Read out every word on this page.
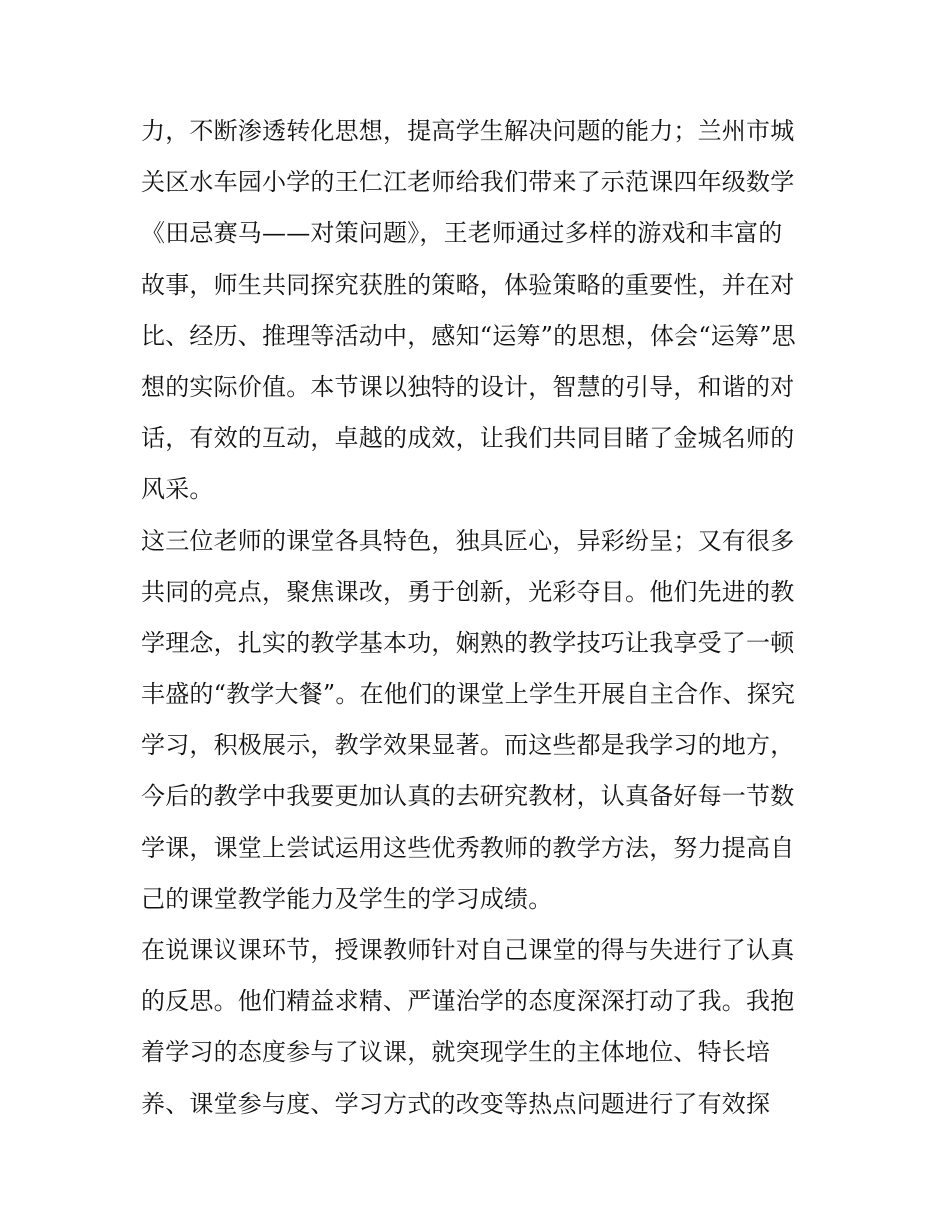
力，不断渗透转化思想，提高学生解决问题的能力；兰州市城
关区水车园小学的王仁江老师给我们带来了示范课四年级数学
《田忌赛马——对策问题》，王老师通过多样的游戏和丰富的
故事，师生共同探究获胜的策略，体验策略的重要性，并在对
比、经历、推理等活动中，感知“运筹”的思想，体会“运筹”思
想的实际价值。本节课以独特的设计，智慧的引导，和谐的对
话，有效的互动，卓越的成效，让我们共同目睹了金城名师的
风采。
这三位老师的课堂各具特色，独具匠心，异彩纷呈；又有很多
共同的亮点，聚焦课改，勇于创新，光彩夺目。他们先进的教
学理念，扎实的教学基本功，娴熟的教学技巧让我享受了一顿
丰盛的“教学大餐”。在他们的课堂上学生开展自主合作、探究
学习，积极展示，教学效果显著。而这些都是我学习的地方，
今后的教学中我要更加认真的去研究教材，认真备好每一节数
学课，课堂上尝试运用这些优秀教师的教学方法，努力提高自
己的课堂教学能力及学生的学习成绩。
在说课议课环节，授课教师针对自己课堂的得与失进行了认真
的反思。他们精益求精、严谨治学的态度深深打动了我。我抱
着学习的态度参与了议课，就突现学生的主体地位、特长培
养、课堂参与度、学习方式的改变等热点问题进行了有效探
